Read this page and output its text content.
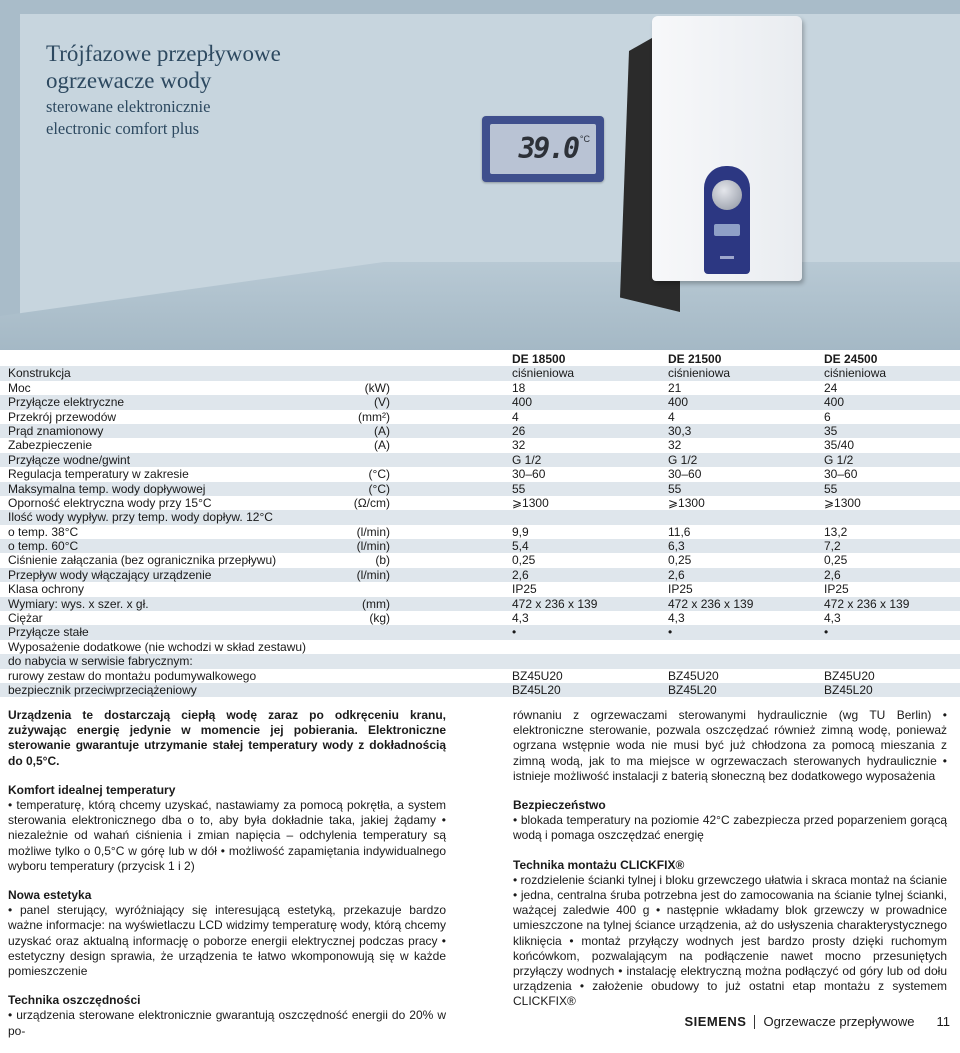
Trójfazowe przepływowe
ogrzewacze wody
sterowane elektronicznie
electronic comfort plus
39.0 °C
DE 18500	DE 21500	DE 24500
Konstrukcja	ciśnieniowa	ciśnieniowa	ciśnieniowa
Moc	(kW)	18	21	24
Przyłącze elektryczne	(V)	400	400	400
Przekrój przewodów	(mm²)	4	4	6
Prąd znamionowy	(A)	26	30,3	35
Zabezpieczenie	(A)	32	32	35/40
Przyłącze wodne/gwint	G 1/2	G 1/2	G 1/2
Regulacja temperatury w zakresie	(°C)	30–60	30–60	30–60
Maksymalna temp. wody dopływowej	(°C)	55	55	55
Oporność elektryczna wody przy 15°C	(Ω/cm)	⩾1300	⩾1300	⩾1300
Ilość wody wypływ. przy temp. wody dopływ. 12°C
o temp. 38°C	(l/min)	9,9	11,6	13,2
o temp. 60°C	(l/min)	5,4	6,3	7,2
Ciśnienie załączania (bez ogranicznika przepływu)	(b)	0,25	0,25	0,25
Przepływ wody włączający urządzenie	(l/min)	2,6	2,6	2,6
Klasa ochrony	IP25	IP25	IP25
Wymiary: wys. x szer. x gł.	(mm)	472 x 236 x 139	472 x 236 x 139	472 x 236 x 139
Ciężar	(kg)	4,3	4,3	4,3
Przyłącze stałe	•	•	•
Wyposażenie dodatkowe (nie wchodzi w skład zestawu)
do nabycia w serwisie fabrycznym:
rurowy zestaw do montażu podumywalkowego	BZ45U20	BZ45U20	BZ45U20
bezpiecznik przeciwprzeciążeniowy	BZ45L20	BZ45L20	BZ45L20

Urządzenia te dostarczają ciepłą wodę zaraz po odkręceniu kranu, zużywając energię jedynie w momencie jej pobierania. Elektroniczne sterowanie gwarantuje utrzymanie stałej temperatury wody z dokładnością do 0,5°C.

Komfort idealnej temperatury

• temperaturę, którą chcemy uzyskać, nastawiamy za pomocą pokrętła, a system sterowania elektronicznego dba o to, aby była dokładnie taka, jakiej żądamy • niezależnie od wahań ciśnienia i zmian napięcia – odchylenia temperatury są możliwe tylko o 0,5°C w górę lub w dół • możliwość zapamiętania indywidualnego wyboru temperatury (przycisk 1 i 2)

Nowa estetyka

• panel sterujący, wyróżniający się interesującą estetyką, przekazuje bardzo ważne informacje: na wyświetlaczu LCD widzimy temperaturę wody, którą chcemy uzyskać oraz aktualną informację o poborze energii elektrycznej podczas pracy • estetyczny design sprawia, że urządzenia te łatwo wkomponowują się w każde pomieszczenie

Technika oszczędności

• urządzenia sterowane elektronicznie gwarantują oszczędność energii do 20% w po-

równaniu z ogrzewaczami sterowanymi hydraulicznie (wg TU Berlin) • elektroniczne sterowanie, pozwala oszczędzać również zimną wodę, ponieważ ogrzana wstępnie woda nie musi być już chłodzona za pomocą mieszania z zimną wodą, jak to ma miejsce w ogrzewaczach sterowanych hydraulicznie • istnieje możliwość instalacji z baterią słoneczną bez dodatkowego wyposażenia

Bezpieczeństwo

• blokada temperatury na poziomie 42°C zabezpiecza przed poparzeniem gorącą wodą i pomaga oszczędzać energię

Technika montażu CLICKFIX®

• rozdzielenie ścianki tylnej i bloku grzewczego ułatwia i skraca montaż na ścianie • jedna, centralna śruba potrzebna jest do zamocowania na ścianie tylnej ścianki, ważącej zaledwie 400 g • następnie wkładamy blok grzewczy w prowadnice umieszczone na tylnej ściance urządzenia, aż do usłyszenia charakterystycznego kliknięcia • montaż przyłączy wodnych jest bardzo prosty dzięki ruchomym końcówkom, pozwalającym na podłączenie nawet mocno przesuniętych przyłączy wodnych • instalację elektryczną można podłączyć od góry lub od dołu urządzenia • założenie obudowy to już ostatni etap montażu z systemem CLICKFIX®

SIEMENS Ogrzewacze przepływowe 11
